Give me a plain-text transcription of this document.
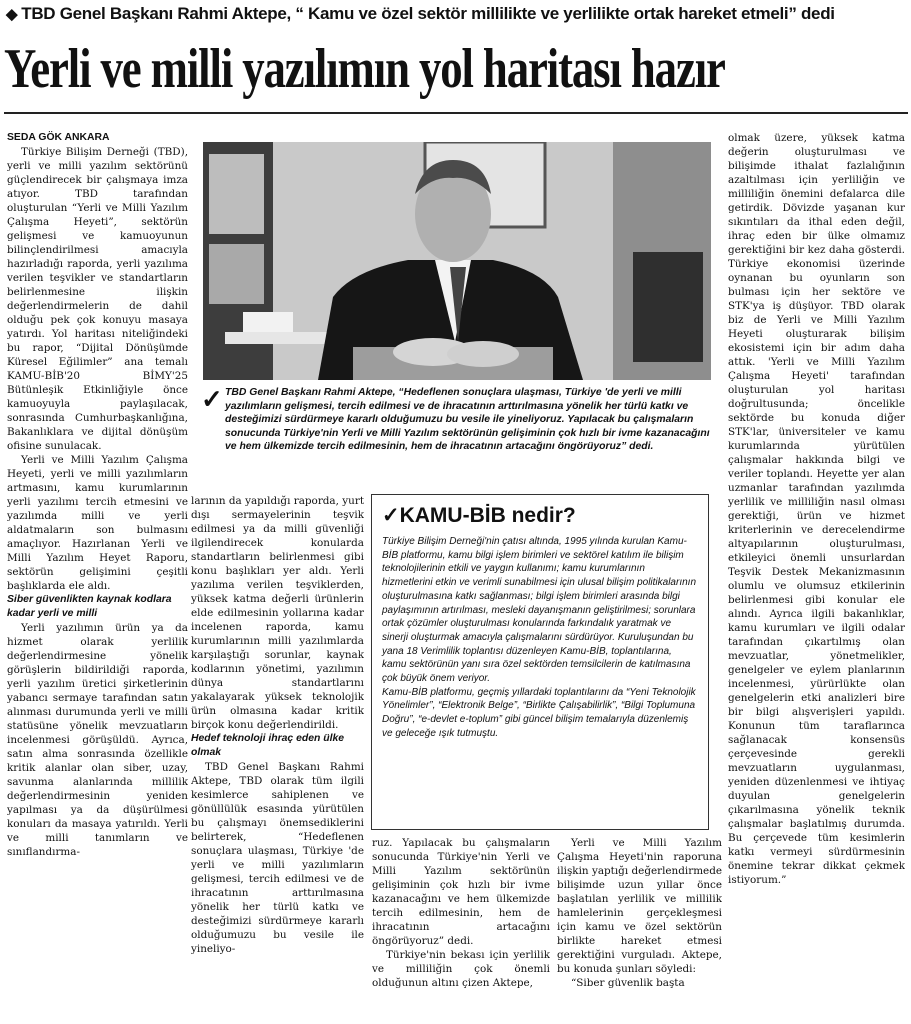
◆ TBD Genel Başkanı Rahmi Aktepe, “ Kamu ve özel sektör millilikte ve yerlilikte ortak hareket etmeli” dedi
Yerli ve milli yazılımın yol haritası hazır
SEDA GÖK ANKARA

Türkiye Bilişim Derneği (TBD), yerli ve milli yazılım sektörünü güçlendirecek bir çalışmaya imza atıyor. TBD tarafından oluşturulan “Yerli ve Milli Yazılım Çalışma Heyeti”, sektörün gelişmesi ve kamuoyunun bilinçlendirilmesi amacıyla hazırladığı raporda, yerli yazılıma verilen teşvikler ve standartların belirlenmesine ilişkin değerlendirmelerin de dahil olduğu pek çok konuyu masaya yatırdı. Yol haritası niteliğindeki bu rapor, “Dijital Dönüşümde Küresel Eğilimler” ana temalı KAMU-BİB'20 BİMY'25 Bütünleşik Etkinliğiyle önce kamuoyuyla paylaşılacak, sonrasında Cumhurbaşkanlığına, Bakanlıklara ve dijital dönüşüm ofisine sunulacak.

Yerli ve Milli Yazılım Çalışma Heyeti, yerli ve milli yazılımların artmasını, kamu kurumlarının yerli yazılımı tercih etmesini ve yazılımda milli ve yerli aldatmaların son bulmasını amaçlıyor. Hazırlanan Yerli ve Milli Yazılım Heyet Raporu, sektörün gelişimini çeşitli başlıklarda ele aldı.

Siber güvenlikten kaynak kodlara kadar yerli ve milli

Yerli yazılımın ürün ya da hizmet olarak yerlilik değerlendirmesine yönelik görüşlerin bildirildiği raporda, yerli yazılım üretici şirketlerinin yabancı sermaye tarafından satın alınması durumunda yerli ve milli statüsüne yönelik mevzuatların incelenmesi görüşüldü. Ayrıca, satın alma sonrasında özellikle kritik alanlar olan siber, uzay, savunma alanlarında millilik değerlendirmesinin yeniden yapılması ya da düşürülmesi konuları da masaya yatırıldı. Yerli ve milli tanımların ve sınıflandırma-

✓ TBD Genel Başkanı Rahmi Aktepe, “Hedeflenen sonuçlara ulaşması, Türkiye 'de yerli ve milli yazılımların gelişmesi, tercih edilmesi ve de ihracatının arttırılmasına yönelik her türlü katkı ve desteğimizi sürdürmeye kararlı olduğumuzu bu vesile ile yineliyoruz. Yapılacak bu çalışmaların sonucunda Türkiye'nin Yerli ve Milli Yazılım sektörünün gelişiminin çok hızlı bir ivme kazanacağını ve hem ülkemizde tercih edilmesinin, hem de ihracatının artacağını öngörüyoruz” dedi.

larının da yapıldığı raporda, yurt dışı sermayelerinin teşvik edilmesi ya da milli güvenliği ilgilendirecek konularda standartların belirlenmesi gibi konu başlıkları yer aldı. Yerli yazılıma verilen teşviklerden, yüksek katma değerli ürünlerin elde edilmesinin yollarına kadar incelenen raporda, kamu kurumlarının milli yazılımlarda karşılaştığı sorunlar, kaynak kodlarının yönetimi, yazılımın dünya standartlarını yakalayarak yüksek teknolojik ürün olmasına kadar kritik birçok konu değerlendirildi.

Hedef teknoloji ihraç eden ülke olmak

TBD Genel Başkanı Rahmi Aktepe, TBD olarak tüm ilgili kesimlerce sahiplenen ve gönüllülük esasında yürütülen bu çalışmayı önemsediklerini belirterek, “Hedeflenen sonuçlara ulaşması, Türkiye 'de yerli ve milli yazılımların gelişmesi, tercih edilmesi ve de ihracatının arttırılmasına yönelik her türlü katkı ve desteğimizi sürdürmeye kararlı olduğumuzu bu vesile ile yineliyo-

✓KAMU-BİB nedir?

Türkiye Bilişim Derneği'nin çatısı altında, 1995 yılında kurulan Kamu-BİB platformu, kamu bilgi işlem birimleri ve sektörel katılım ile bilişim teknolojilerinin etkili ve yaygın kullanımı; kamu kurumlarının hizmetlerini etkin ve verimli sunabilmesi için ulusal bilişim politikalarının oluşturulmasına katkı sağlanması; bilgi işlem birimleri arasında bilgi paylaşımının artırılması, mesleki dayanışmanın geliştirilmesi; sorunlara ortak çözümler oluşturulması konularında farkındalık yaratmak ve sinerji oluşturmak amacıyla çalışmalarını sürdürüyor. Kuruluşundan bu yana 18 Verimlilik toplantısı düzenleyen Kamu-BİB, toplantılarına, kamu sektörünün yanı sıra özel sektörden temsilcilerin de katılmasına çok büyük önem veriyor.

Kamu-BİB platformu, geçmiş yıllardaki toplantılarını da “Yeni Teknolojik Yönelimler”, “Elektronik Belge”, “Birlikte Çalışabilirlik”, “Bilgi Toplumuna Doğru”, “e-devlet e-toplum” gibi güncel bilişim temalarıyla düzenlemiş ve geleceğe ışık tutmuştu.

ruz. Yapılacak bu çalışmaların sonucunda Türkiye'nin Yerli ve Milli Yazılım sektörünün gelişiminin çok hızlı bir ivme kazanacağını ve hem ülkemizde tercih edilmesinin, hem de ihracatının artacağını öngörüyoruz” dedi.

Türkiye'nin bekası için yerlilik ve milliliğin çok önemli olduğunun altını çizen Aktepe,

Yerli ve Milli Yazılım Çalışma Heyeti'nin raporuna ilişkin yaptığı değerlendirmede bilişimde uzun yıllar önce başlatılan yerlilik ve millilik hamlelerinin gerçekleşmesi için kamu ve özel sektörün birlikte hareket etmesi gerektiğini vurguladı. Aktepe, bu konuda şunları söyledi:

“Siber güvenlik başta

olmak üzere, yüksek katma değerin oluşturulması ve bilişimde ithalat fazlalığının azaltılması için yerliliğin ve milliliğin önemini defalarca dile getirdik. Dövizde yaşanan kur sıkıntıları da ithal eden değil, ihraç eden bir ülke olmamız gerektiğini bir kez daha gösterdi. Türkiye ekonomisi üzerinde oynanan bu oyunların son bulması için her sektöre ve STK'ya iş düşüyor. TBD olarak biz de Yerli ve Milli Yazılım Heyeti oluşturarak bilişim ekosistemi için bir adım daha attık. 'Yerli ve Milli Yazılım Çalışma Heyeti' tarafından oluşturulan yol haritası doğrultusunda; öncelikle sektörde bu konuda diğer STK'lar, üniversiteler ve kamu kurumlarında yürütülen çalışmalar hakkında bilgi ve veriler toplandı. Heyette yer alan uzmanlar tarafından yazılımda yerlilik ve milliliğin nasıl olması gerektiği, ürün ve hizmet kriterlerinin ve derecelendirme altyapılarının oluşturulması, etkileyici önemli unsurlardan Teşvik Destek Mekanizmasının olumlu ve olumsuz etkilerinin belirlenmesi gibi konular ele alındı. Ayrıca ilgili bakanlıklar, kamu kurumları ve ilgili odalar tarafından çıkartılmış olan mevzuatlar, yönetmelikler, genelgeler ve eylem planlarının incelenmesi, yürürlükte olan genelgelerin etki analizleri bire bir bilgi alışverişleri yapıldı. Konunun tüm taraflarınca sağlanacak konsensüs çerçevesinde gerekli mevzuatların uygulanması, yeniden düzenlenmesi ve ihtiyaç duyulan genelgelerin çıkarılmasına yönelik teknik çalışmalar başlatılmış durumda. Bu çerçevede tüm kesimlerin katkı vermeyi sürdürmesinin önemine tekrar dikkat çekmek istiyorum.”
